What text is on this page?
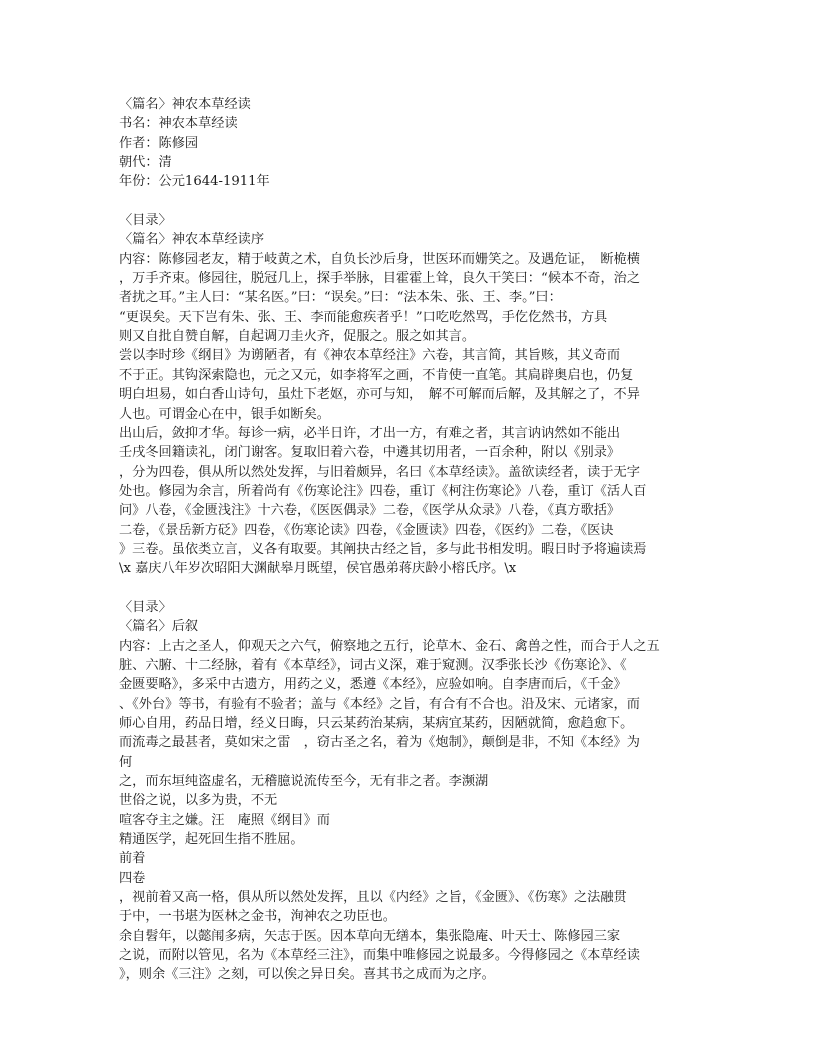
〈篇名〉神农本草经读
书名：神农本草经读
作者：陈修园
朝代：清
年份：公元1644-1911年
〈目录〉
〈篇名〉神农本草经读序
内容：陈修园老友，精于岐黄之术，自负长沙后身，世医环而姗笑之。及遇危证，　断桅横
，万手齐束。修园往，脱冠几上，探手举脉，目霍霍上耸，良久干笑曰：“候本不奇，治之
者扰之耳。”主人曰：“某名医。”曰：“误矣。”曰：“法本朱、张、王、李。”曰：
“更误矣。天下岂有朱、张、王、李而能愈疾者乎！”口吃吃然骂，手仡仡然书，方具
则又自批自赞自解，自起调刀圭火齐，促服之。服之如其言。
尝以李时珍《纲目》为谫陋者，有《神农本草经注》六卷，其言简，其旨赅，其义奇而
不于正。其钩深索隐也，元之又元，如李将军之画，不肯使一直笔。其扃辟奥启也，仍复
明白坦易，如白香山诗句，虽灶下老妪，亦可与知，　解不可解而后解，及其解之了，不异
人也。可谓金心在中，银手如断矣。
出山后，敛抑才华。每诊一病，必半日许，才出一方，有难之者，其言讷讷然如不能出
壬戌冬回籍读礼，闭门谢客。复取旧着六卷，中遴其切用者，一百余种，附以《别录》
，分为四卷，俱从所以然处发挥，与旧着颇异，名曰《本草经读》。盖欲读经者，读于无字
处也。修园为余言，所着尚有《伤寒论注》四卷，重订《柯注伤寒论》八卷，重订《活人百
问》八卷，《金匮浅注》十六卷，《医医偶录》二卷，《医学从众录》八卷，《真方歌括》
二卷，《景岳新方砭》四卷，《伤寒论读》四卷，《金匮读》四卷，《医约》二卷，《医诀
》三卷。虽依类立言，义各有取要。其阐抉古经之旨，多与此书相发明。暇日时予将遍读焉
\x 嘉庆八年岁次昭阳大渊献皋月既望，侯官愚弟蒋庆龄小榕氏序。\x
〈目录〉
〈篇名〉后叙
内容：上古之圣人，仰观天之六气，俯察地之五行，论草木、金石、禽兽之性，而合于人之五
脏、六腑、十二经脉，着有《本草经》，词古义深，难于窥测。汉季张长沙《伤寒论》、《
金匮要略》，多采中古遗方，用药之义，悉遵《本经》，应验如响。自李唐而后，《千金》
、《外台》等书，有验有不验者；盖与《本经》之旨，有合有不合也。沿及宋、元诸家，而
师心自用，药品日增，经义日晦，只云某药治某病，某病宜某药，因陋就简，愈趋愈下。
而流毒之最甚者，莫如宋之雷　，窃古圣之名，着为《炮制》，颠倒是非，不知《本经》为
何
之，而东垣纯盗虚名，无稽臆说流传至今，无有非之者。李濒湖
世俗之说，以多为贵，不无
喧客夺主之嫌。汪　庵照《纲目》而
精通医学，起死回生指不胜屈。
前着
四卷
，视前着又高一格，俱从所以然处发挥，且以《内经》之旨，《金匮》、《伤寒》之法融贯
于中，一书堪为医林之金书，洵神农之功臣也。
余自髫年，以懿闱多病，矢志于医。因本草向无缮本，集张隐庵、叶天士、陈修园三家
之说，而附以管见，名为《本草经三注》，而集中唯修园之说最多。今得修园之《本草经读
》，则余《三注》之刻，可以俟之异日矣。喜其书之成而为之序。
